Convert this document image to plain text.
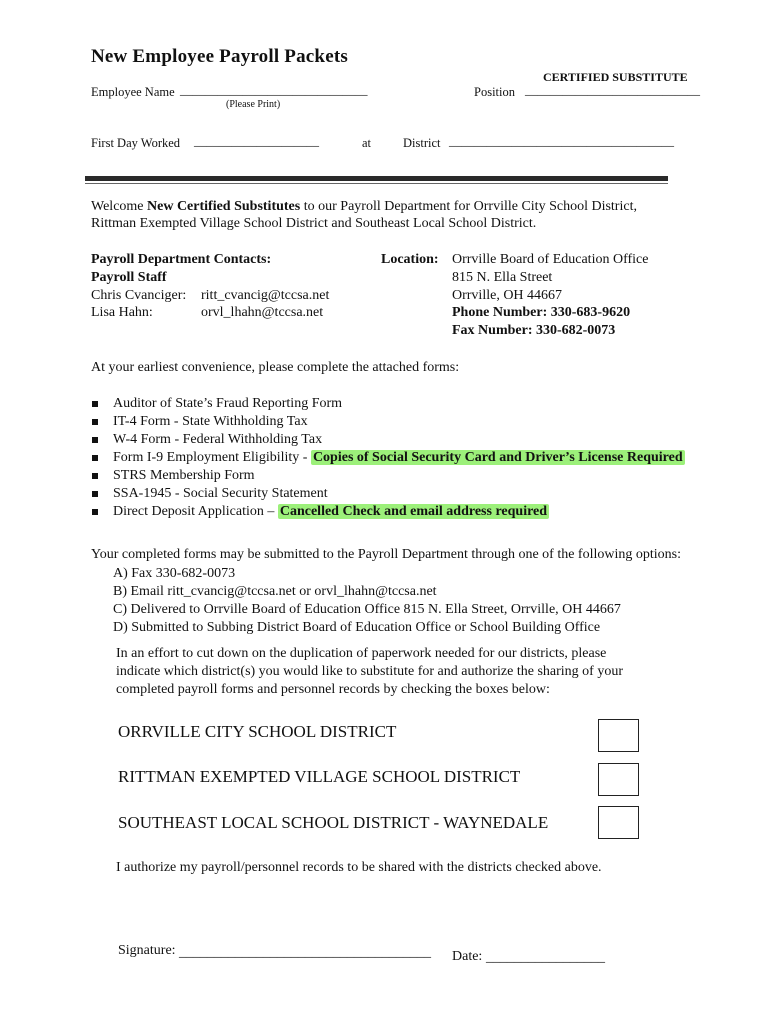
New Employee Payroll Packets
CERTIFIED SUBSTITUTE
Employee Name ______________________________
(Please Print)
Position ____________________________
First Day Worked ____________________	at	District ____________________________________
Welcome New Certified Substitutes to our Payroll Department for Orrville City School District,
Rittman Exempted Village School District and Southeast Local School District.
Payroll Department Contacts:
Payroll Staff
Chris Cvanciger: ritt_cvancig@tccsa.net
Lisa Hahn:	orvl_lhahn@tccsa.net
Location: Orrville Board of Education Office
815 N. Ella Street
Orrville, OH 44667
Phone Number: 330-683-9620
Fax Number: 330-682-0073
At your earliest convenience, please complete the attached forms:
Auditor of State’s Fraud Reporting Form
IT-4 Form - State Withholding Tax
W-4 Form - Federal Withholding Tax
Form I-9 Employment Eligibility - Copies of Social Security Card and Driver’s License Required
STRS Membership Form
SSA-1945 - Social Security Statement
Direct Deposit Application – Cancelled Check and email address required
Your completed forms may be submitted to the Payroll Department through one of the following options:
A) Fax 330-682-0073
B) Email ritt_cvancig@tccsa.net or orvl_lhahn@tccsa.net
C) Delivered to Orrville Board of Education Office 815 N. Ella Street, Orrville, OH 44667
D) Submitted to Subbing District Board of Education Office or School Building Office
In an effort to cut down on the duplication of paperwork needed for our districts, please
indicate which district(s) you would like to substitute for and authorize the sharing of your
completed payroll forms and personnel records by checking the boxes below:
ORRVILLE CITY SCHOOL DISTRICT
RITTMAN EXEMPTED VILLAGE SCHOOL DISTRICT
SOUTHEAST LOCAL SCHOOL DISTRICT - WAYNEDALE
I authorize my payroll/personnel records to be shared with the districts checked above.
Signature: ____________________________________ Date: _________________
